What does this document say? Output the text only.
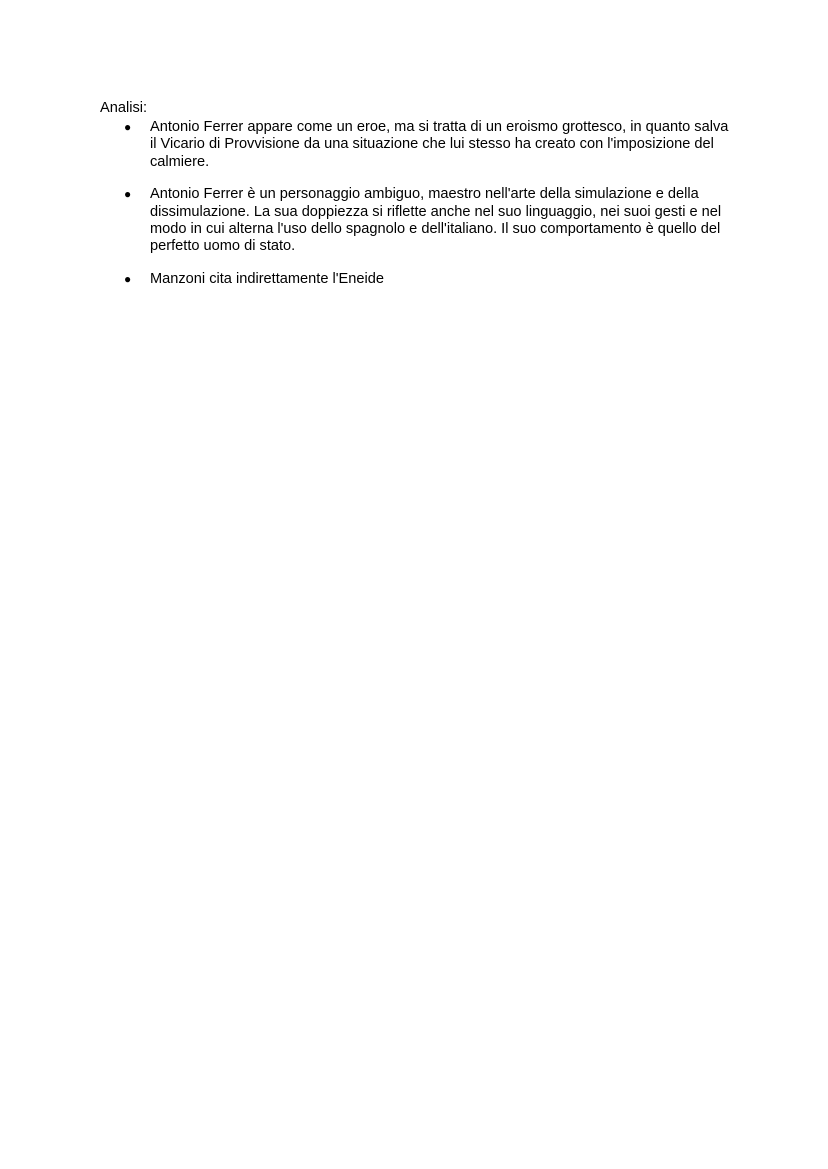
Analisi:

● Antonio Ferrer appare come un eroe, ma si tratta di un eroismo grottesco, in quanto salva il Vicario di Provvisione da una situazione che lui stesso ha creato con l'imposizione del calmiere.
● Antonio Ferrer è un personaggio ambiguo, maestro nell'arte della simulazione e della dissimulazione. La sua doppiezza si riflette anche nel suo linguaggio, nei suoi gesti e nel modo in cui alterna l'uso dello spagnolo e dell'italiano. Il suo comportamento è quello del perfetto uomo di stato.
● Manzoni cita indirettamente l'Eneide
